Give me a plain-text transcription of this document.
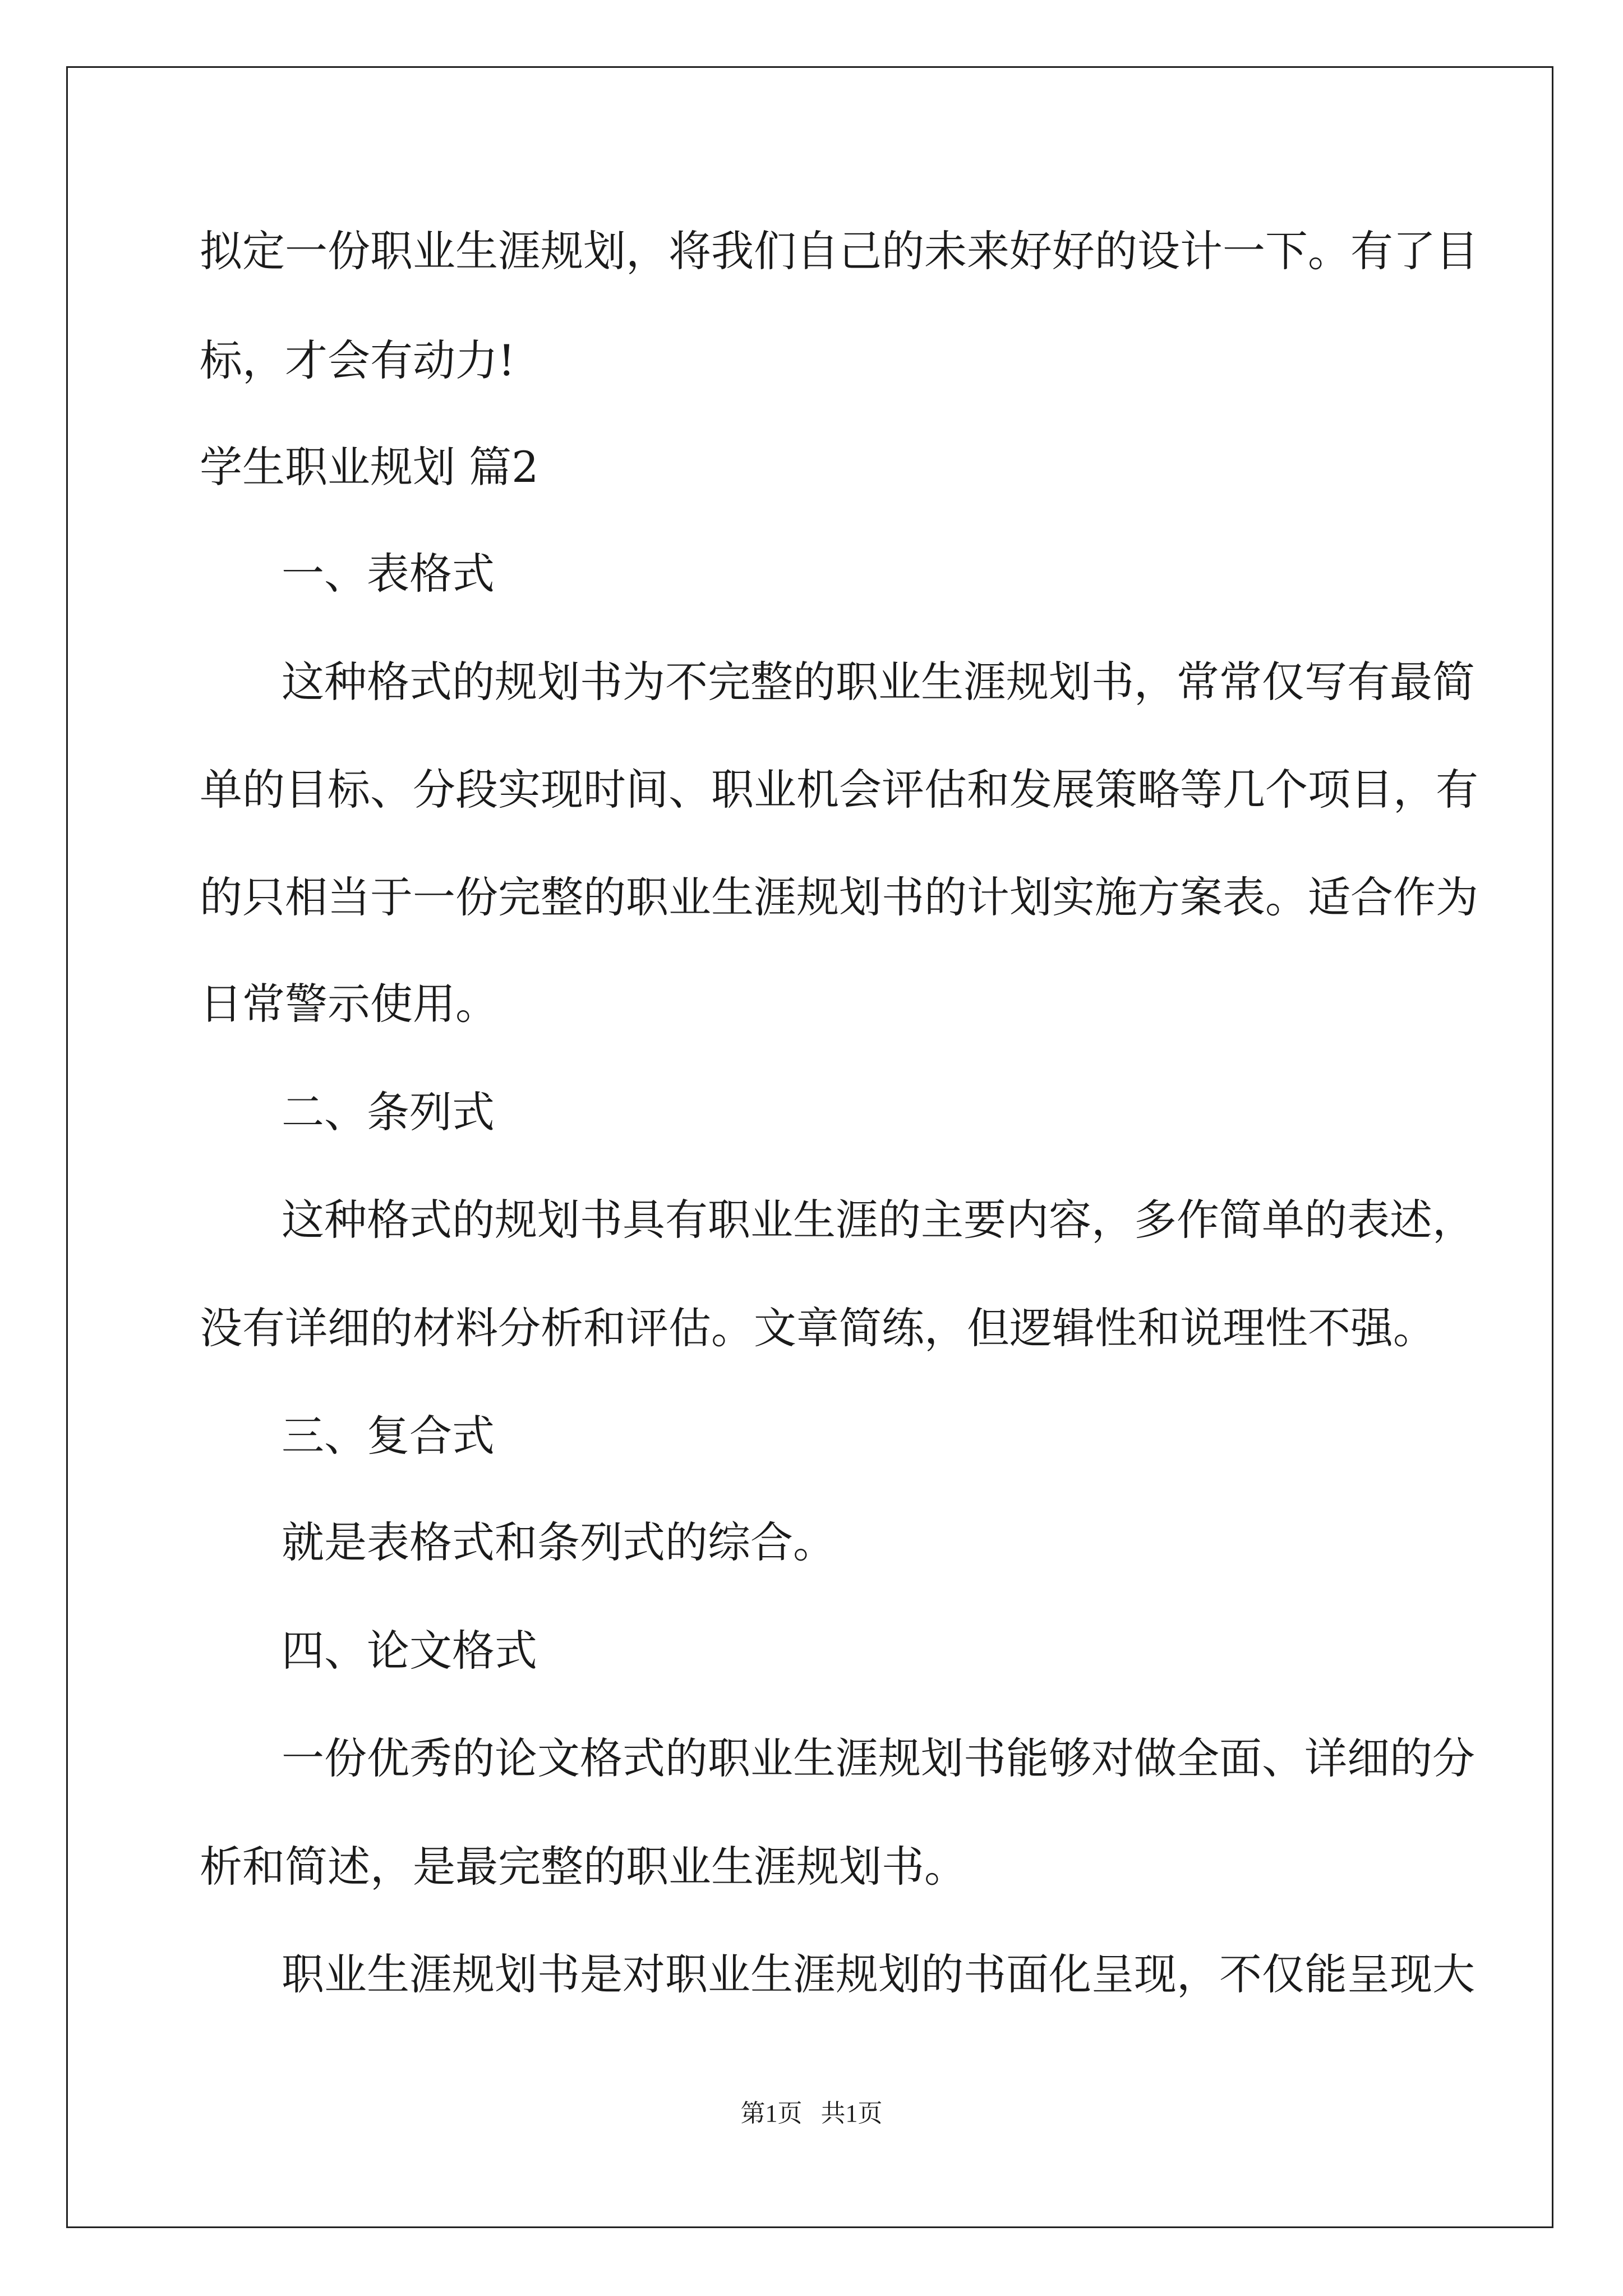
拟定一份职业生涯规划，将我们自己的未来好好的设计一下。有了目
标，才会有动力!
学生职业规划 篇2
一、表格式
这种格式的规划书为不完整的职业生涯规划书，常常仅写有最简
单的目标、分段实现时间、职业机会评估和发展策略等几个项目，有
的只相当于一份完整的职业生涯规划书的计划实施方案表。适合作为
日常警示使用。
二、条列式
这种格式的规划书具有职业生涯的主要内容，多作简单的表述，
没有详细的材料分析和评估。文章简练，但逻辑性和说理性不强。
三、复合式
就是表格式和条列式的综合。
四、论文格式
一份优秀的论文格式的职业生涯规划书能够对做全面、详细的分
析和简述，是最完整的职业生涯规划书。
职业生涯规划书是对职业生涯规划的书面化呈现，不仅能呈现大
第1页   共1页
